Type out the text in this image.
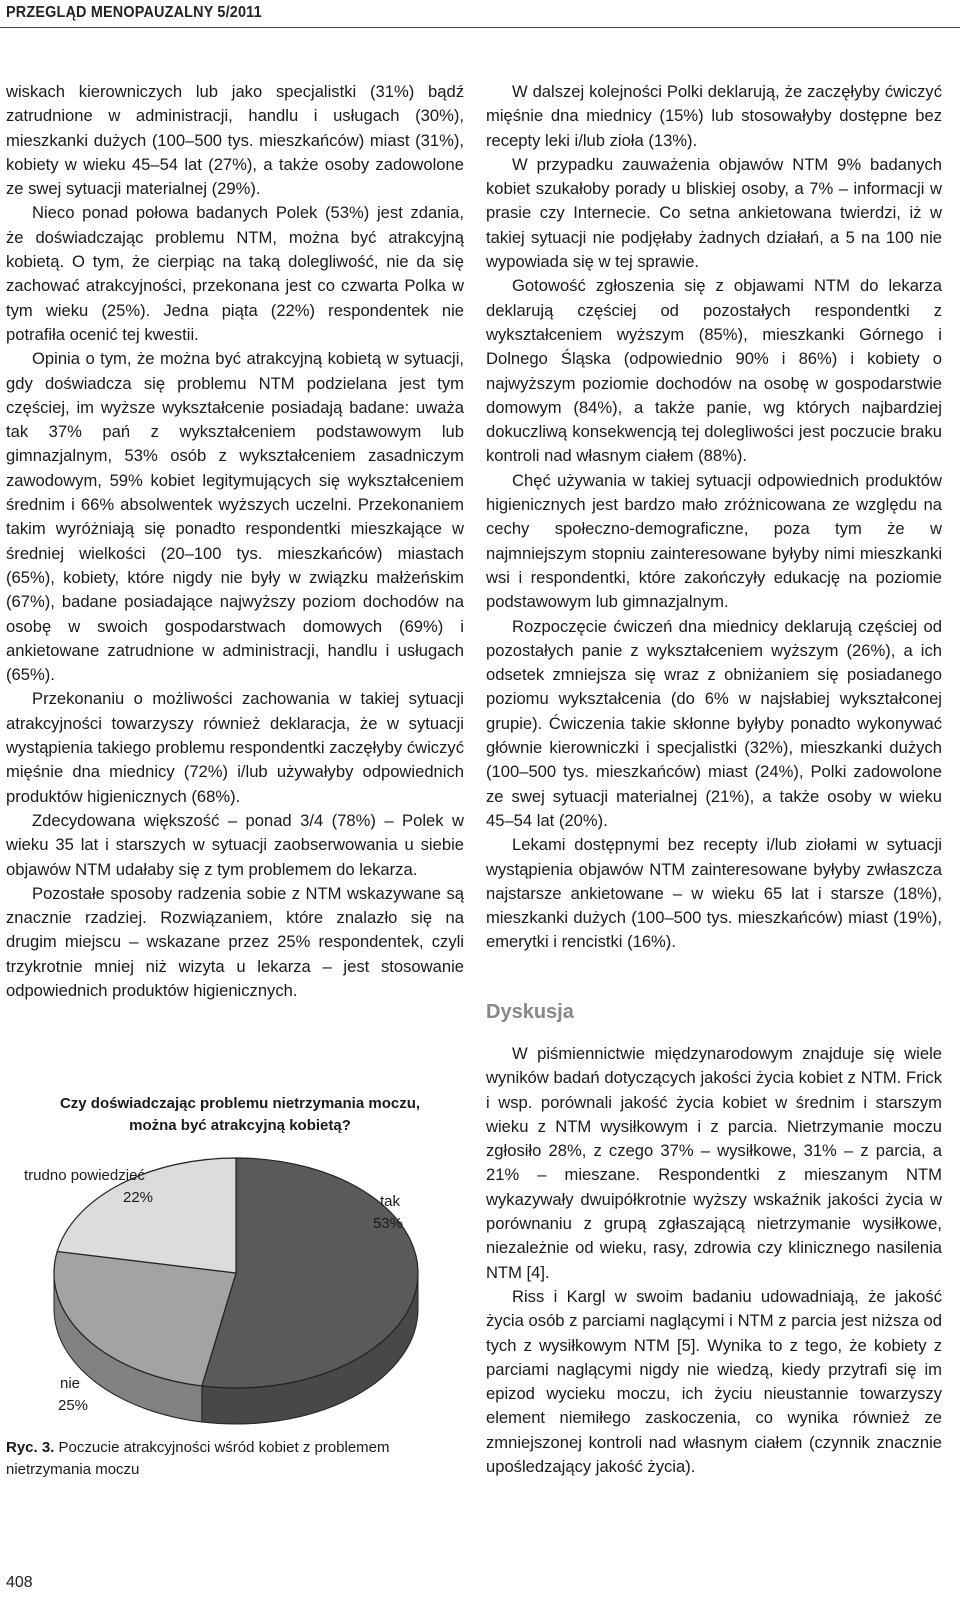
PRZEGLĄD MENOPAUZALNY 5/2011

wiskach kierowniczych lub jako specjalistki (31%) bądź zatrudnione w administracji, handlu i usługach (30%), mieszkanki dużych (100–500 tys. mieszkańców) miast (31%), kobiety w wieku 45–54 lat (27%), a także osoby zadowolone ze swej sytuacji materialnej (29%).

Nieco ponad połowa badanych Polek (53%) jest zdania, że doświadczając problemu NTM, można być atrakcyjną kobietą. O tym, że cierpiąc na taką dolegliwość, nie da się zachować atrakcyjności, przekonana jest co czwarta Polka w tym wieku (25%). Jedna piąta (22%) respondentek nie potrafiła ocenić tej kwestii.

Opinia o tym, że można być atrakcyjną kobietą w sytuacji, gdy doświadcza się problemu NTM podzielana jest tym częściej, im wyższe wykształcenie posiadają badane: uważa tak 37% pań z wykształceniem podstawowym lub gimnazjalnym, 53% osób z wykształceniem zasadniczym zawodowym, 59% kobiet legitymujących się wykształceniem średnim i 66% absolwentek wyższych uczelni. Przekonaniem takim wyróżniają się ponadto respondentki mieszkające w średniej wielkości (20–100 tys. mieszkańców) miastach (65%), kobiety, które nigdy nie były w związku małżeńskim (67%), badane posiadające najwyższy poziom dochodów na osobę w swoich gospodarstwach domowych (69%) i ankietowane zatrudnione w administracji, handlu i usługach (65%).

Przekonaniu o możliwości zachowania w takiej sytuacji atrakcyjności towarzyszy również deklaracja, że w sytuacji wystąpienia takiego problemu respondentki zaczęłyby ćwiczyć mięśnie dna miednicy (72%) i/lub używałyby odpowiednich produktów higienicznych (68%).

Zdecydowana większość – ponad 3/4 (78%) – Polek w wieku 35 lat i starszych w sytuacji zaobserwowania u siebie objawów NTM udałaby się z tym problemem do lekarza.

Pozostałe sposoby radzenia sobie z NTM wskazywane są znacznie rzadziej. Rozwiązaniem, które znalazło się na drugim miejscu – wskazane przez 25% respondentek, czyli trzykrotnie mniej niż wizyta u lekarza – jest stosowanie odpowiednich produktów higienicznych.

tak
53%
nie
25%
trudno powiedzieć
22%
Czy doświadczając problemu nietrzymania moczu,
można być atrakcyjną kobietą?
Ryc. 3. Poczucie atrakcyjności wśród kobiet z problemem nietrzymania moczu

W dalszej kolejności Polki deklarują, że zaczęłyby ćwiczyć mięśnie dna miednicy (15%) lub stosowałyby dostępne bez recepty leki i/lub zioła (13%).

W przypadku zauważenia objawów NTM 9% badanych kobiet szukałoby porady u bliskiej osoby, a 7% – informacji w prasie czy Internecie. Co setna ankietowana twierdzi, iż w takiej sytuacji nie podjęłaby żadnych działań, a 5 na 100 nie wypowiada się w tej sprawie.

Gotowość zgłoszenia się z objawami NTM do lekarza deklarują częściej od pozostałych respondentki z wykształceniem wyższym (85%), mieszkanki Górnego i Dolnego Śląska (odpowiednio 90% i 86%) i kobiety o najwyższym poziomie dochodów na osobę w gospodarstwie domowym (84%), a także panie, wg których najbardziej dokuczliwą konsekwencją tej dolegliwości jest poczucie braku kontroli nad własnym ciałem (88%).

Chęć używania w takiej sytuacji odpowiednich produktów higienicznych jest bardzo mało zróżnicowana ze względu na cechy społeczno-demograficzne, poza tym że w najmniejszym stopniu zainteresowane byłyby nimi mieszkanki wsi i respondentki, które zakończyły edukację na poziomie podstawowym lub gimnazjalnym.

Rozpoczęcie ćwiczeń dna miednicy deklarują częściej od pozostałych panie z wykształceniem wyższym (26%), a ich odsetek zmniejsza się wraz z obniżaniem się posiadanego poziomu wykształcenia (do 6% w najsłabiej wykształconej grupie). Ćwiczenia takie skłonne byłyby ponadto wykonywać głównie kierowniczki i specjalistki (32%), mieszkanki dużych (100–500 tys. mieszkańców) miast (24%), Polki zadowolone ze swej sytuacji materialnej (21%), a także osoby w wieku 45–54 lat (20%).

Lekami dostępnymi bez recepty i/lub ziołami w sytuacji wystąpienia objawów NTM zainteresowane byłyby zwłaszcza najstarsze ankietowane – w wieku 65 lat i starsze (18%), mieszkanki dużych (100–500 tys. mieszkańców) miast (19%), emerytki i rencistki (16%).

Dyskusja

W piśmiennictwie międzynarodowym znajduje się wiele wyników badań dotyczących jakości życia kobiet z NTM. Frick i wsp. porównali jakość życia kobiet w średnim i starszym wieku z NTM wysiłkowym i z parcia. Nietrzymanie moczu zgłosiło 28%, z czego 37% – wysiłkowe, 31% – z parcia, a 21% – mieszane. Respondentki z mieszanym NTM wykazywały dwuipółkrotnie wyższy wskaźnik jakości życia w porównaniu z grupą zgłaszającą nietrzymanie wysiłkowe, niezależnie od wieku, rasy, zdrowia czy klinicznego nasilenia NTM [4].

Riss i Kargl w swoim badaniu udowadniają, że jakość życia osób z parciami naglącymi i NTM z parcia jest niższa od tych z wysiłkowym NTM [5]. Wynika to z tego, że kobiety z parciami naglącymi nigdy nie wiedzą, kiedy przytrafi się im epizod wycieku moczu, ich życiu nieustannie towarzyszy element niemiłego zaskoczenia, co wynika również ze zmniejszonej kontroli nad własnym ciałem (czynnik znacznie upośledzający jakość życia).

408
